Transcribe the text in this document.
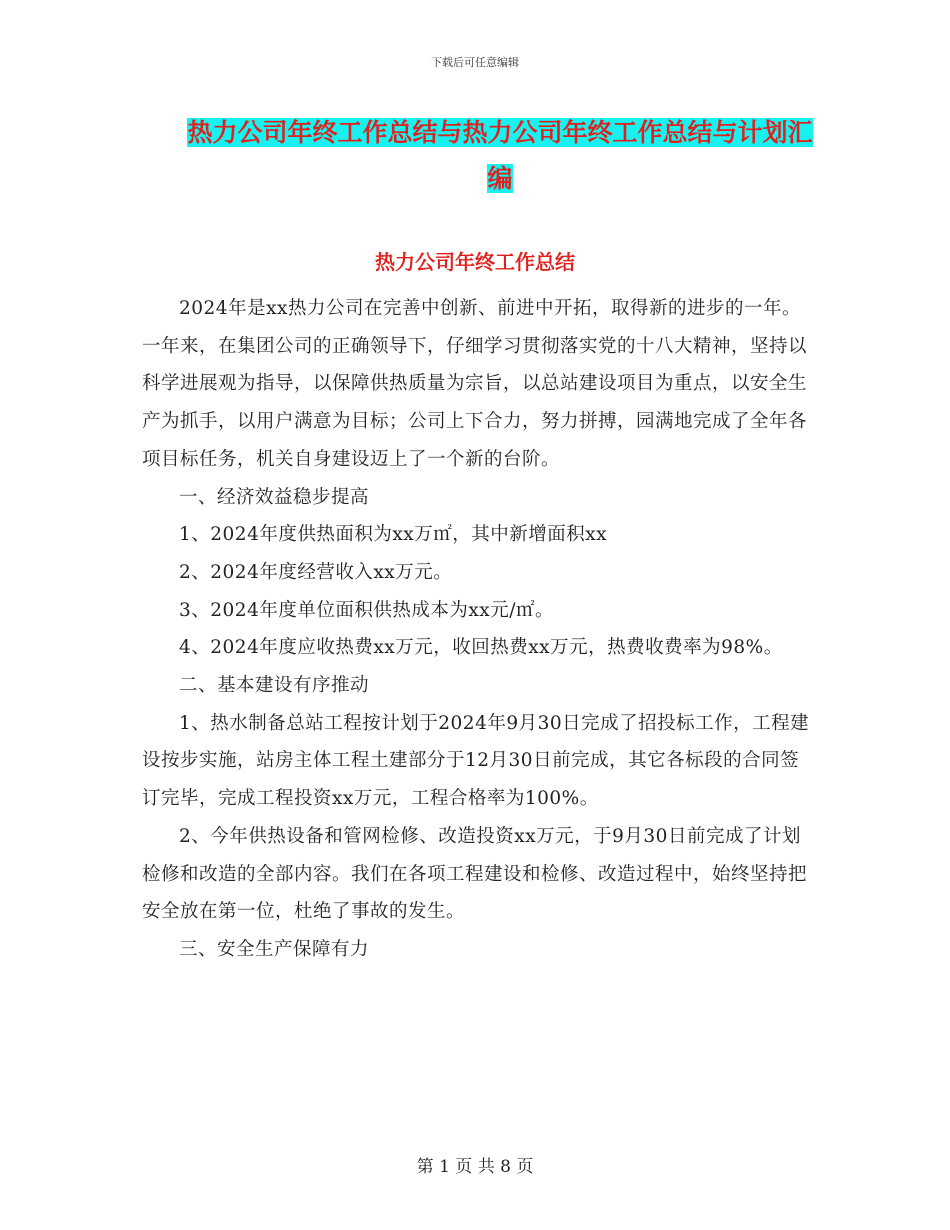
下载后可任意编辑
热力公司年终工作总结与热力公司年终工作总结与计划汇编
热力公司年终工作总结

2024年是xx热力公司在完善中创新、前进中开拓，取得新的进步的一年。一年来，在集团公司的正确领导下，仔细学习贯彻落实党的十八大精神，坚持以科学进展观为指导，以保障供热质量为宗旨，以总站建设项目为重点，以安全生产为抓手，以用户满意为目标；公司上下合力，努力拼搏，园满地完成了全年各项目标任务，机关自身建设迈上了一个新的台阶。

一、经济效益稳步提高

1、2024年度供热面积为xx万㎡，其中新增面积xx

2、2024年度经营收入xx万元。

3、2024年度单位面积供热成本为xx元/㎡。

4、2024年度应收热费xx万元，收回热费xx万元，热费收费率为98%。

二、基本建设有序推动

1、热水制备总站工程按计划于2024年9月30日完成了招投标工作，工程建设按步实施，站房主体工程土建部分于12月30日前完成，其它各标段的合同签订完毕，完成工程投资xx万元，工程合格率为100%。

2、今年供热设备和管网检修、改造投资xx万元，于9月30日前完成了计划检修和改造的全部内容。我们在各项工程建设和检修、改造过程中，始终坚持把安全放在第一位，杜绝了事故的发生。

三、安全生产保障有力

第 1 页 共 8 页
